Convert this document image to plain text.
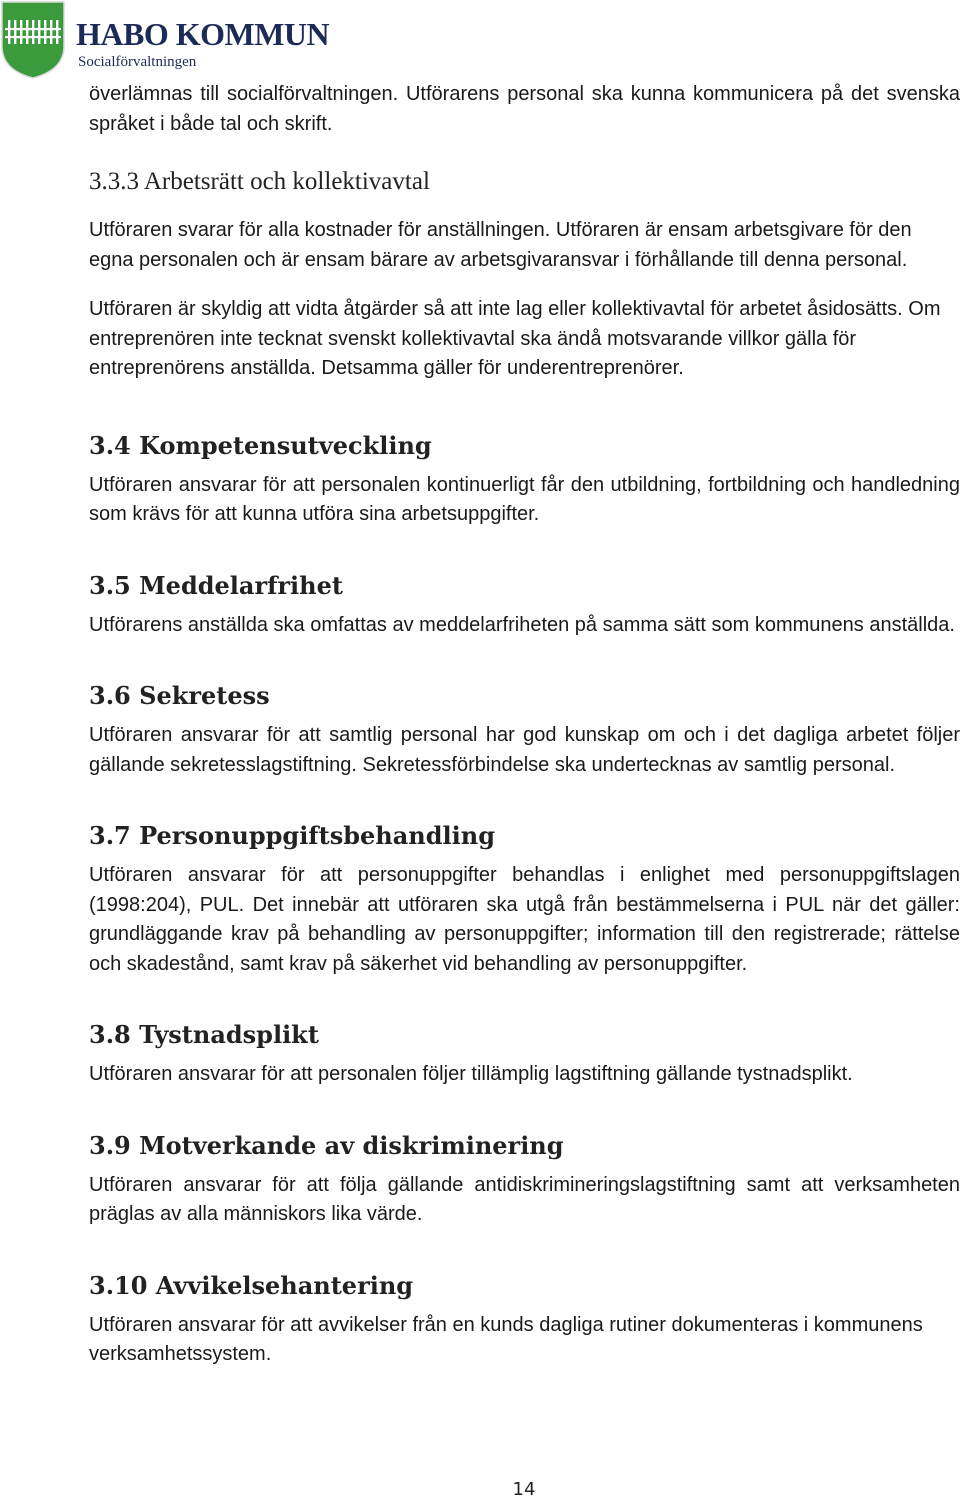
HABO KOMMUN
Socialförvaltningen

överlämnas till socialförvaltningen. Utförarens personal ska kunna kommunicera på det svenska språket i både tal och skrift.

3.3.3 Arbetsrätt och kollektivavtal

Utföraren svarar för alla kostnader för anställningen. Utföraren är ensam arbetsgivare för den egna personalen och är ensam bärare av arbetsgivaransvar i förhållande till denna personal.

Utföraren är skyldig att vidta åtgärder så att inte lag eller kollektivavtal för arbetet åsidosätts. Om entreprenören inte tecknat svenskt kollektivavtal ska ändå motsvarande villkor gälla för entreprenörens anställda. Detsamma gäller för underentreprenörer.

3.4 Kompetensutveckling

Utföraren ansvarar för att personalen kontinuerligt får den utbildning, fortbildning och handledning som krävs för att kunna utföra sina arbetsuppgifter.

3.5 Meddelarfrihet

Utförarens anställda ska omfattas av meddelarfriheten på samma sätt som kommunens anställda.

3.6 Sekretess

Utföraren ansvarar för att samtlig personal har god kunskap om och i det dagliga arbetet följer gällande sekretesslagstiftning. Sekretessförbindelse ska undertecknas av samtlig personal.

3.7 Personuppgiftsbehandling

Utföraren ansvarar för att personuppgifter behandlas i enlighet med personuppgiftslagen (1998:204), PUL. Det innebär att utföraren ska utgå från bestämmelserna i PUL när det gäller: grundläggande krav på behandling av personuppgifter; information till den registrerade; rättelse och skadestånd, samt krav på säkerhet vid behandling av personuppgifter.

3.8 Tystnadsplikt

Utföraren ansvarar för att personalen följer tillämplig lagstiftning gällande tystnadsplikt.

3.9 Motverkande av diskriminering

Utföraren ansvarar för att följa gällande antidiskrimineringslagstiftning samt att verksamheten präglas av alla människors lika värde.

3.10 Avvikelsehantering

Utföraren ansvarar för att avvikelser från en kunds dagliga rutiner dokumenteras i kommunens verksamhetssystem.

14
